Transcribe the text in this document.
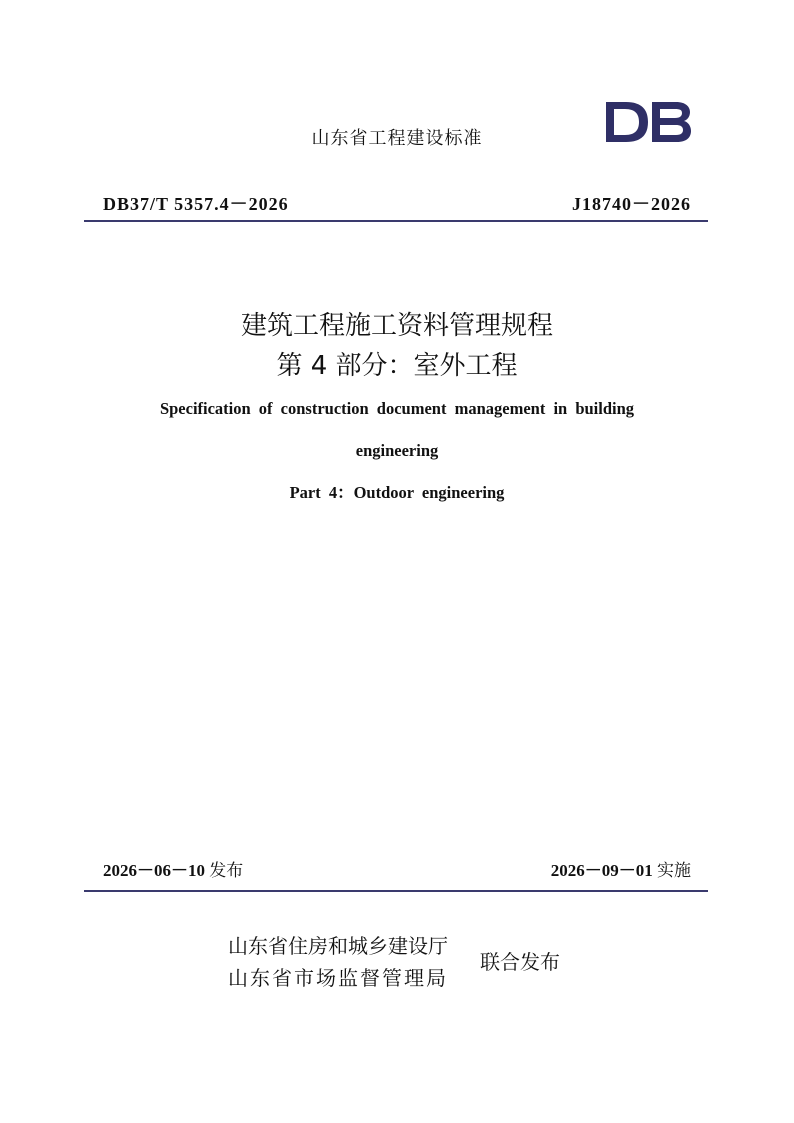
山东省工程建设标准
DB37/T 5357.4－2026	J18740－2026
建筑工程施工资料管理规程
第 4 部分：室外工程
Specification of construction document management in building
engineering
Part 4：Outdoor engineering
2026－06－10 发布	2026－09－01 实施
山东省住房和城乡建设厅
山东省市场监督管理局
联合发布
